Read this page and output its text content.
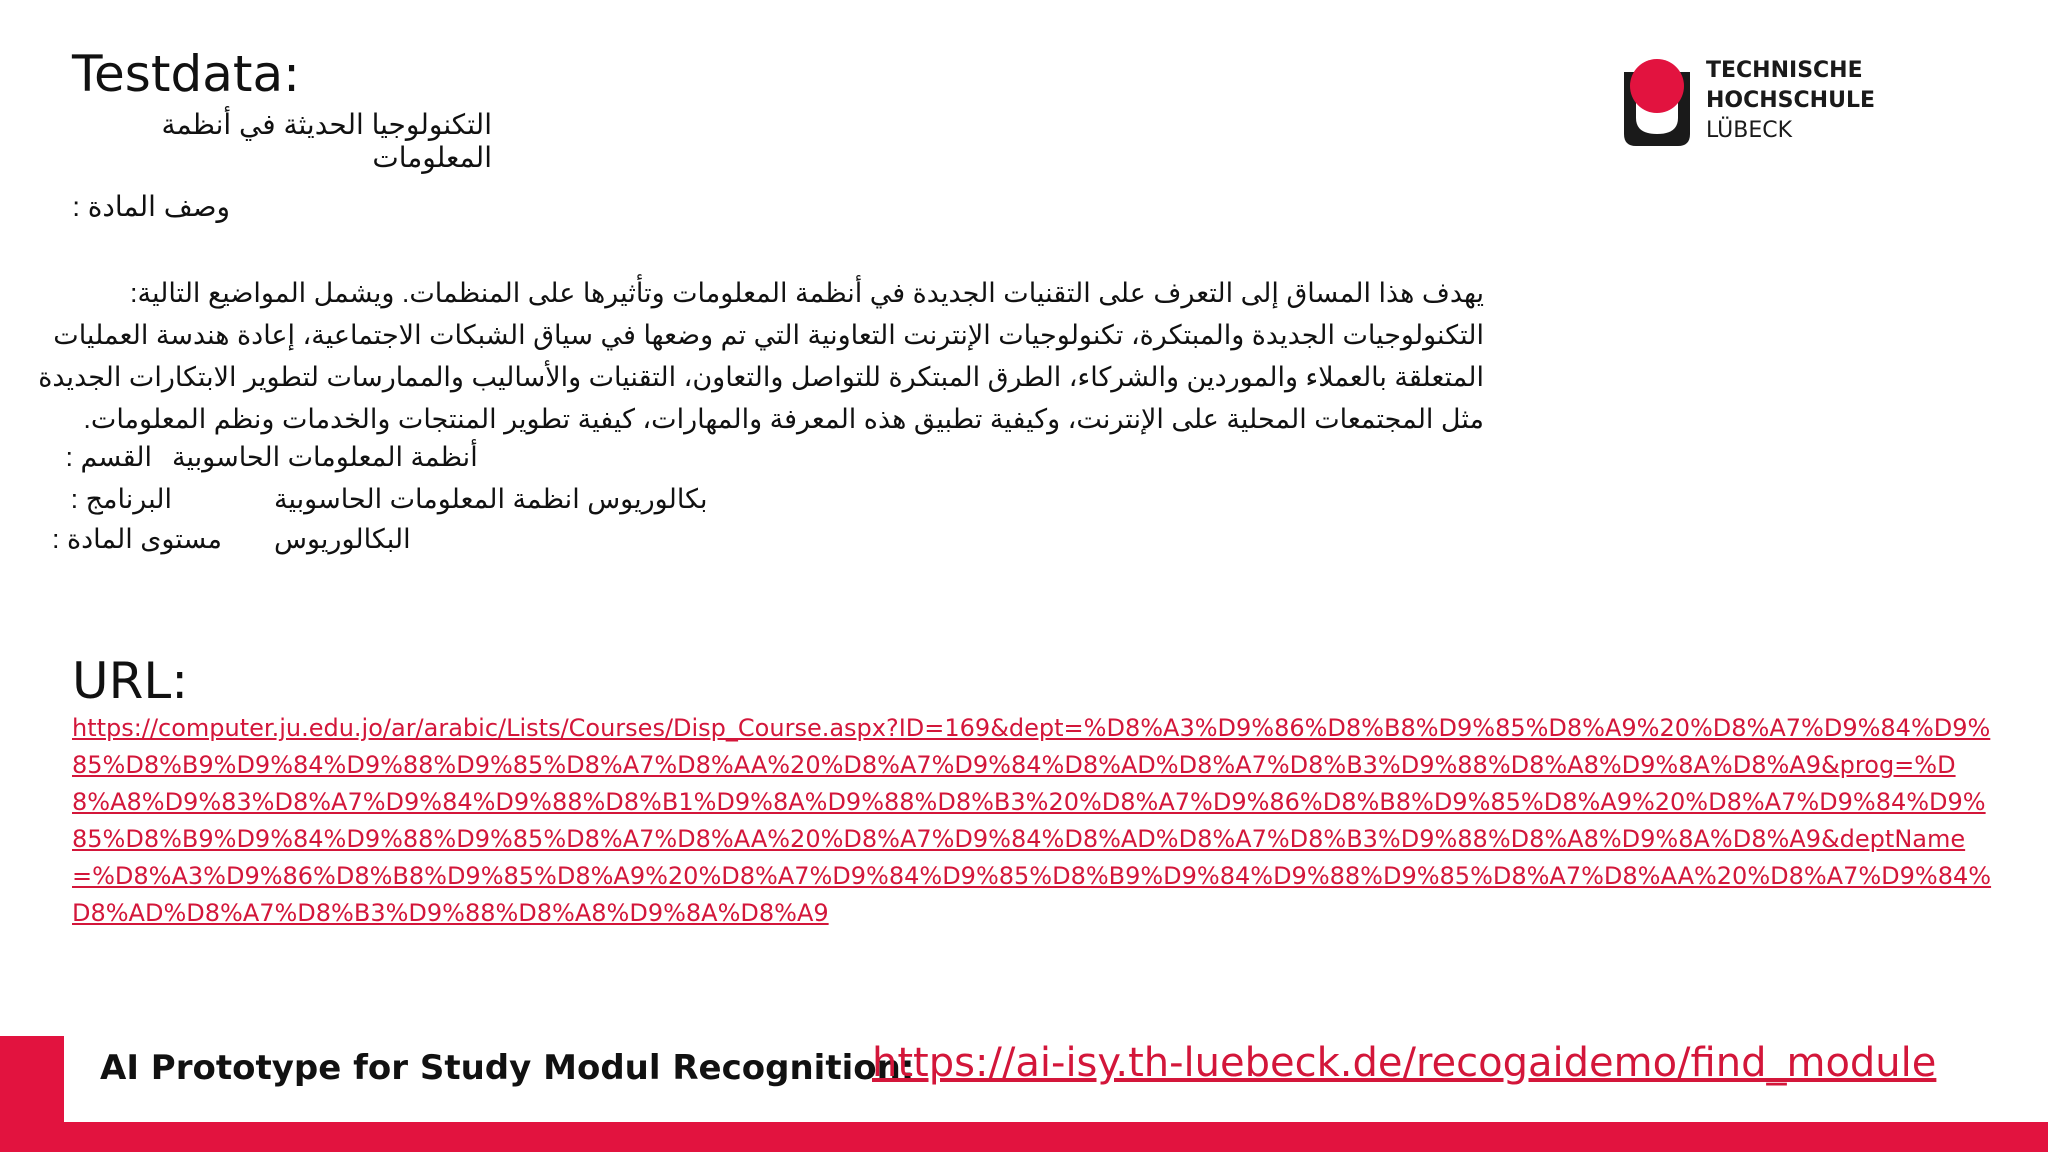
Testdata:
التكنولوجيا الحديثة في أنظمة المعلومات
وصف المادة :
يهدف هذا المساق إلى التعرف على التقنيات الجديدة في أنظمة المعلومات وتأثيرها على المنظمات. ويشمل المواضيع التالية:
التكنولوجيات الجديدة والمبتكرة، تكنولوجيات الإنترنت التعاونية التي تم وضعها في سياق الشبكات الاجتماعية، إعادة هندسة العمليات
المتعلقة بالعملاء والموردين والشركاء، الطرق المبتكرة للتواصل والتعاون، التقنيات والأساليب والممارسات لتطوير الابتكارات الجديدة
مثل المجتمعات المحلية على الإنترنت، وكيفية تطبيق هذه المعرفة والمهارات، كيفية تطوير المنتجات والخدمات ونظم المعلومات.
القسم : أنظمة المعلومات الحاسوبية
البرنامج :	بكالوريوس انظمة المعلومات الحاسوبية
مستوى المادة : البكالوريوس
URL:
https://computer.ju.edu.jo/ar/arabic/Lists/Courses/Disp_Course.aspx?ID=169&dept=%D8%A3%D9%86%D8%B8%D9%85%D8%A9%20%D8%A7%D9%84%D9%85%D8%B9%D9%84%D9%88%D9%85%D8%A7%D8%AA%20%D8%A7%D9%84%D8%AD%D8%A7%D8%B3%D9%88%D8%A8%D9%8A%D8%A9&prog=%D8%A8%D9%83%D8%A7%D9%84%D9%88%D8%B1%D9%8A%D9%88%D8%B3%20%D8%A7%D9%86%D8%B8%D9%85%D8%A9%20%D8%A7%D9%84%D9%85%D8%B9%D9%84%D9%88%D9%85%D8%A7%D8%AA%20%D8%A7%D9%84%D8%AD%D8%A7%D8%B3%D9%88%D8%A8%D9%8A%D8%A9&deptName=%D8%A3%D9%86%D8%B8%D9%85%D8%A9%20%D8%A7%D9%84%D9%85%D8%B9%D9%84%D9%88%D9%85%D8%A7%D8%AA%20%D8%A7%D9%84%D8%AD%D8%A7%D8%B3%D9%88%D8%A8%D9%8A%D8%A9
TECHNISCHE
HOCHSCHULE
LÜBECK
AI Prototype for Study Modul Recognition:
https://ai-isy.th-luebeck.de/recogaidemo/find_module
